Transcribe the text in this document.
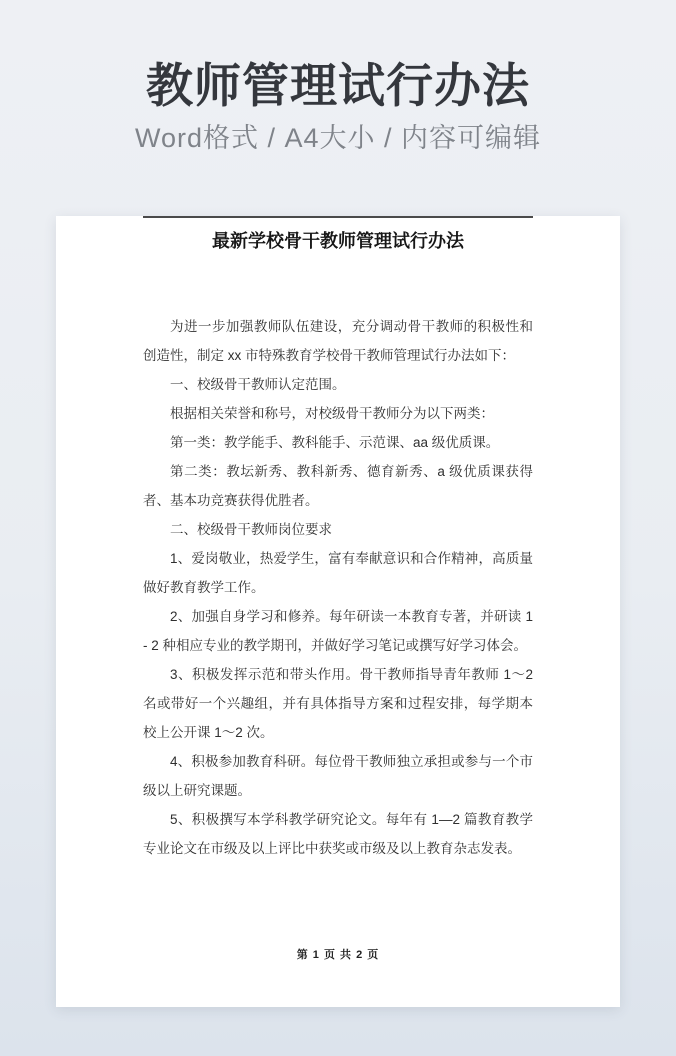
教师管理试行办法
Word格式 / A4大小 / 内容可编辑
最新学校骨干教师管理试行办法

为进一步加强教师队伍建设，充分调动骨干教师的积极性和创造性，制定 xx 市特殊教育学校骨干教师管理试行办法如下：

一、校级骨干教师认定范围。

根据相关荣誉和称号，对校级骨干教师分为以下两类：

第一类：教学能手、教科能手、示范课、aa 级优质课。

第二类：教坛新秀、教科新秀、德育新秀、a 级优质课获得者、基本功竞赛获得优胜者。

二、校级骨干教师岗位要求

1、爱岗敬业，热爱学生，富有奉献意识和合作精神，高质量做好教育教学工作。

2、加强自身学习和修养。每年研读一本教育专著，并研读 1 - 2 种相应专业的教学期刊，并做好学习笔记或撰写好学习体会。

3、积极发挥示范和带头作用。骨干教师指导青年教师 1～2 名或带好一个兴趣组，并有具体指导方案和过程安排，每学期本校上公开课 1～2 次。

4、积极参加教育科研。每位骨干教师独立承担或参与一个市级以上研究课题。

5、积极撰写本学科教学研究论文。每年有 1—2 篇教育教学专业论文在市级及以上评比中获奖或市级及以上教育杂志发表。

第 1 页 共 2 页
